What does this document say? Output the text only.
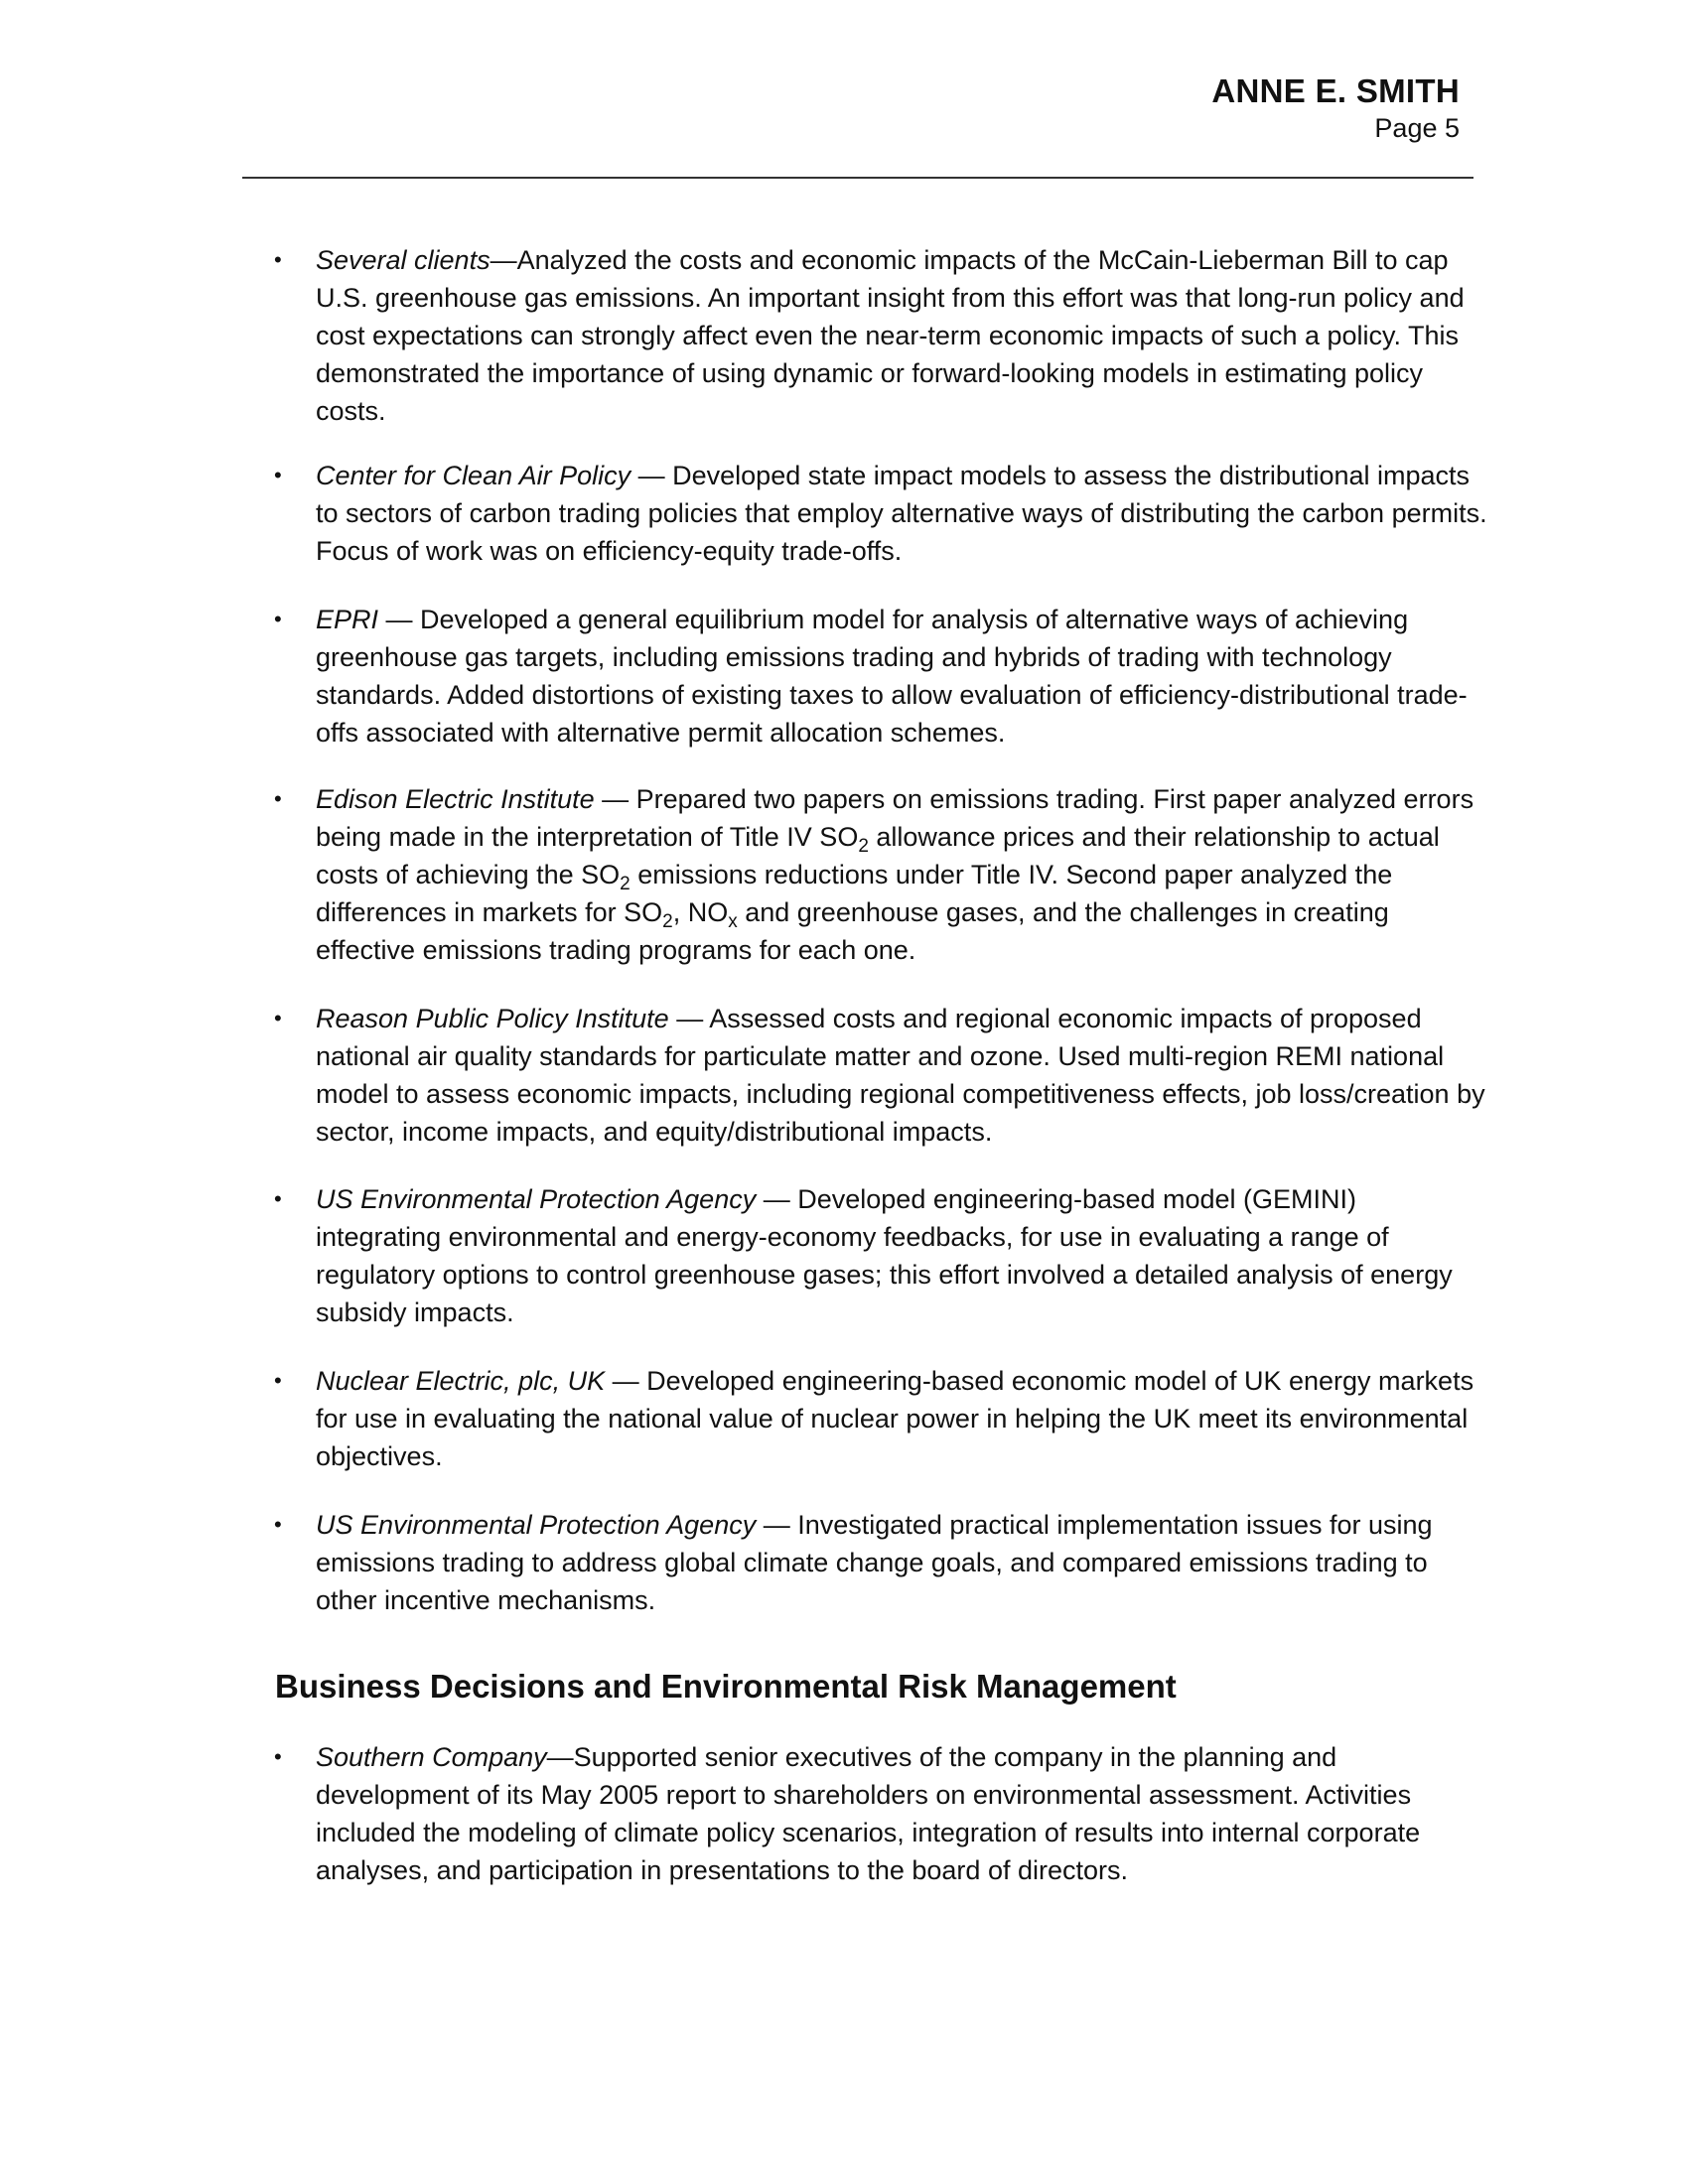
ANNE E. SMITH
Page 5
• Several clients—Analyzed the costs and economic impacts of the McCain-Lieberman Bill to cap U.S. greenhouse gas emissions. An important insight from this effort was that long-run policy and cost expectations can strongly affect even the near-term economic impacts of such a policy. This demonstrated the importance of using dynamic or forward-looking models in estimating policy costs.

• Center for Clean Air Policy — Developed state impact models to assess the distributional impacts to sectors of carbon trading policies that employ alternative ways of distributing the carbon permits. Focus of work was on efficiency-equity trade-offs.

• EPRI — Developed a general equilibrium model for analysis of alternative ways of achieving greenhouse gas targets, including emissions trading and hybrids of trading with technology standards. Added distortions of existing taxes to allow evaluation of efficiency-distributional trade-offs associated with alternative permit allocation schemes.

• Edison Electric Institute — Prepared two papers on emissions trading. First paper analyzed errors being made in the interpretation of Title IV $SO_2$ allowance prices and their relationship to actual costs of achieving the $SO_2$ emissions reductions under Title IV. Second paper analyzed the differences in markets for $SO_2$, $NO_x$ and greenhouse gases, and the challenges in creating effective emissions trading programs for each one.

• Reason Public Policy Institute — Assessed costs and regional economic impacts of proposed national air quality standards for particulate matter and ozone. Used multi-region REMI national model to assess economic impacts, including regional competitiveness effects, job loss/creation by sector, income impacts, and equity/distributional impacts.

• US Environmental Protection Agency — Developed engineering-based model (GEMINI) integrating environmental and energy-economy feedbacks, for use in evaluating a range of regulatory options to control greenhouse gases; this effort involved a detailed analysis of energy subsidy impacts.

• Nuclear Electric, plc, UK — Developed engineering-based economic model of UK energy markets for use in evaluating the national value of nuclear power in helping the UK meet its environmental objectives.

• US Environmental Protection Agency — Investigated practical implementation issues for using emissions trading to address global climate change goals, and compared emissions trading to other incentive mechanisms.

Business Decisions and Environmental Risk Management
• Southern Company—Supported senior executives of the company in the planning and development of its May 2005 report to shareholders on environmental assessment. Activities included the modeling of climate policy scenarios, integration of results into internal corporate analyses, and participation in presentations to the board of directors.
